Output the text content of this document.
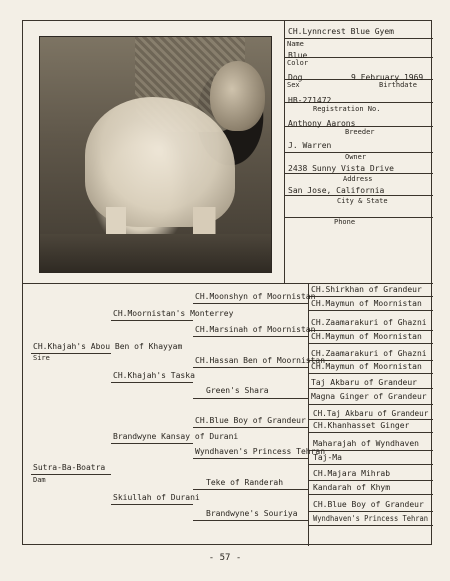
CH.Lynncrest Blue Gyem
Name
Blue
Color
Dog	9 February 1969
Sex	Birthdate
HB-271472
Registration No.
Anthony Aarons
Breeder
J. Warren
Owner
2438 Sunny Vista Drive
Address
San Jose, California
City & State
Phone
CH.Shirkhan of Grandeur
CH.Maymun of Moornistan
CH.Zaamarakuri of Ghazni
CH.Maymun of Moornistan
CH.Zaamarakuri of Ghazni
CH.Maymun of Moornistan
Taj Akbaru of Grandeur
Magna Ginger of Grandeur
CH.Taj Akbaru of Grandeur
CH.Khanhasset Ginger
Maharajah of Wyndhaven
Taj-Ma
CH.Majara Mihrab
Kandarah of Khym
CH.Blue Boy of Grandeur
Wyndhaven's Princess Tehran
CH.Moonshyn of Moornistan
CH.Marsinah of Moornistan
CH.Hassan Ben of Moornistan
Green's Shara
CH.Blue Boy of Grandeur
Wyndhaven's Princess Tehran
Teke of Randerah
Brandwyne's Souriya
CH.Moornistan's Monterrey
CH.Khajah's Taska
Brandwyne Kansay of Durani
Skiullah of Durani
CH.Khajah's Abou Ben of Khayyam
Sire
Sutra-Ba-Boatra
Dam
- 57 -
